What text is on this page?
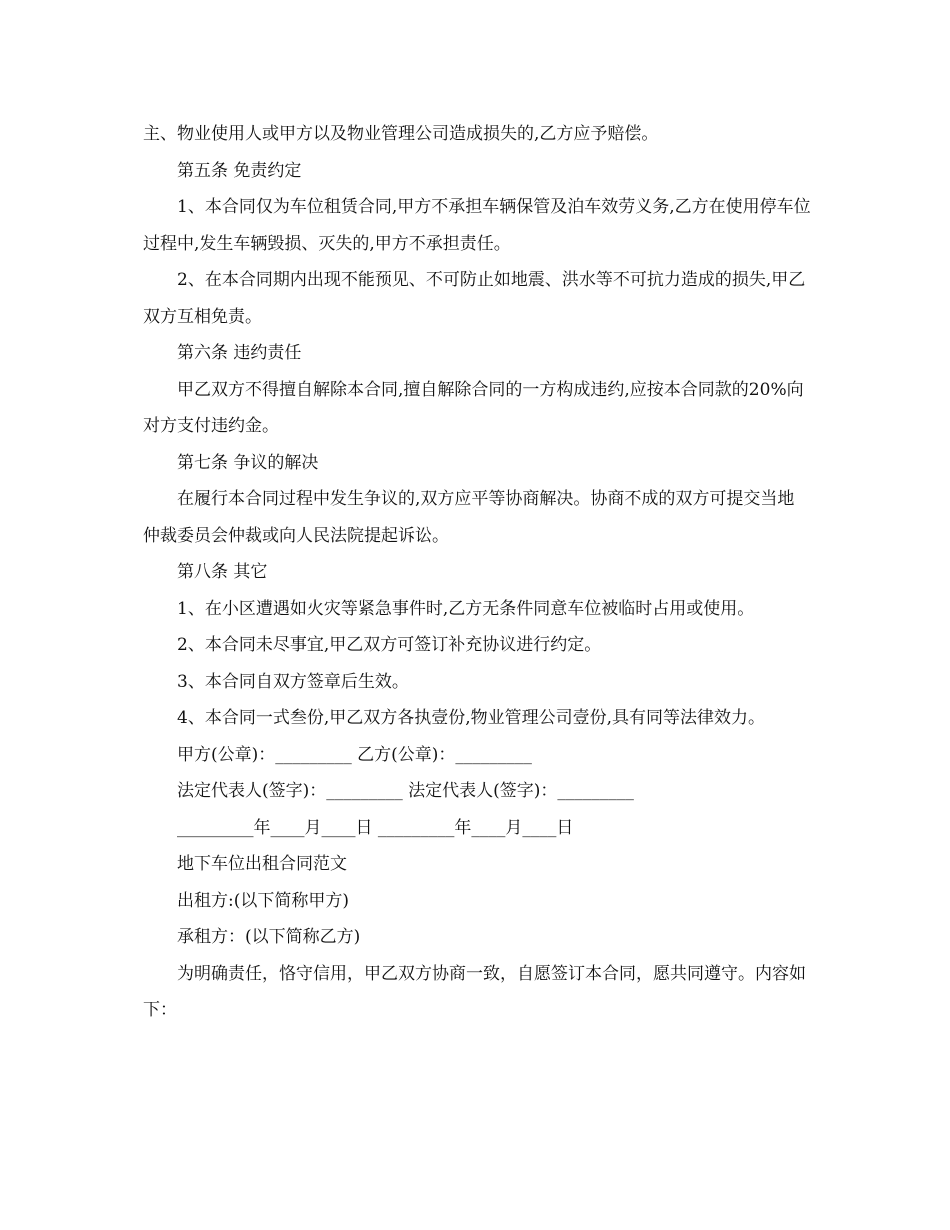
主、物业使用人或甲方以及物业管理公司造成损失的,乙方应予赔偿。

第五条 免责约定

1、本合同仅为车位租赁合同,甲方不承担车辆保管及泊车效劳义务,乙方在使用停车位过程中,发生车辆毁损、灭失的,甲方不承担责任。

2、在本合同期内出现不能预见、不可防止如地震、洪水等不可抗力造成的损失,甲乙双方互相免责。

第六条 违约责任

甲乙双方不得擅自解除本合同,擅自解除合同的一方构成违约,应按本合同款的20%向对方支付违约金。

第七条 争议的解决

在履行本合同过程中发生争议的,双方应平等协商解决。协商不成的双方可提交当地仲裁委员会仲裁或向人民法院提起诉讼。

第八条 其它

1、在小区遭遇如火灾等紧急事件时,乙方无条件同意车位被临时占用或使用。

2、本合同未尽事宜,甲乙双方可签订补充协议进行约定。

3、本合同自双方签章后生效。

4、本合同一式叁份,甲乙双方各执壹份,物业管理公司壹份,具有同等法律效力。

甲方(公章)：_________ 乙方(公章)：_________

法定代表人(签字)：_________ 法定代表人(签字)：_________

_________年____月____日 _________年____月____日

地下车位出租合同范文

出租方:(以下简称甲方)

承租方：(以下简称乙方)

为明确责任，恪守信用，甲乙双方协商一致，自愿签订本合同，愿共同遵守。内容如下：
